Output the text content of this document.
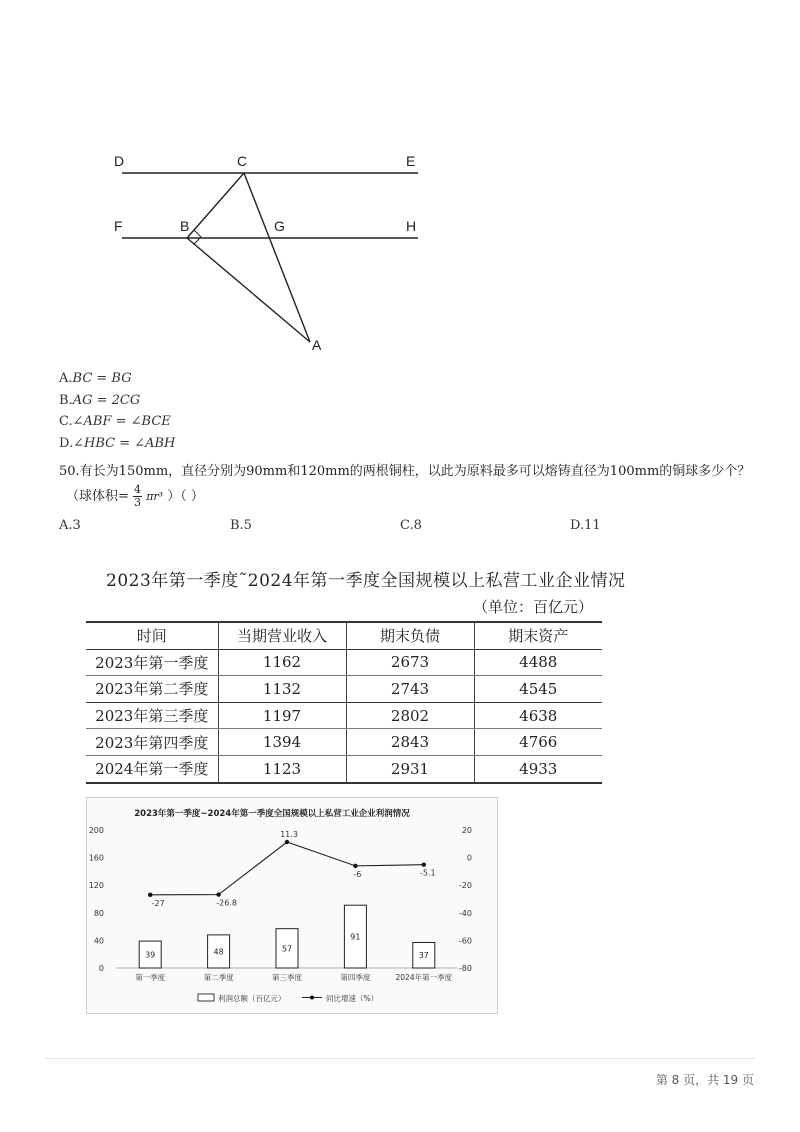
D	C	E
F	B	G	H
A
A.BC = BG
B.AG = 2CG
C.∠ABF = ∠BCE
D.∠HBC = ∠ABH
50.有长为150mm，直径分别为90mm和120mm的两根铜柱，以此为原料最多可以熔铸直径为100mm的铜球多少个？
（球体积= $\frac{4}{3} \pi r^3$ ）（ ）
A.3	B.5	C.8	D.11
2023年第一季度˜2024年第一季度全国规模以上私营工业企业情况
（单位：百亿元）
时间	当期营业收入	期末负债	期末资产
2023年第一季度	1162	2673	4488
2023年第二季度	1132	2743	4545
2023年第三季度	1197	2802	4638
2023年第四季度	1394	2843	4766
2024年第一季度	1123	2931	4933
2023年第一季度~2024年第一季度全国规模以上私营工业企业利润情况
0
40
80
120
160
200
-80
-60
-40
-20
0
20
39	48	57
91
37
-27	-26.8
11.3
-6	-5.1
第一季度	第二季度	第三季度	第四季度	2024年第一季度
利润总额（百亿元）	同比增速（%）
第 8 页，共 19 页
